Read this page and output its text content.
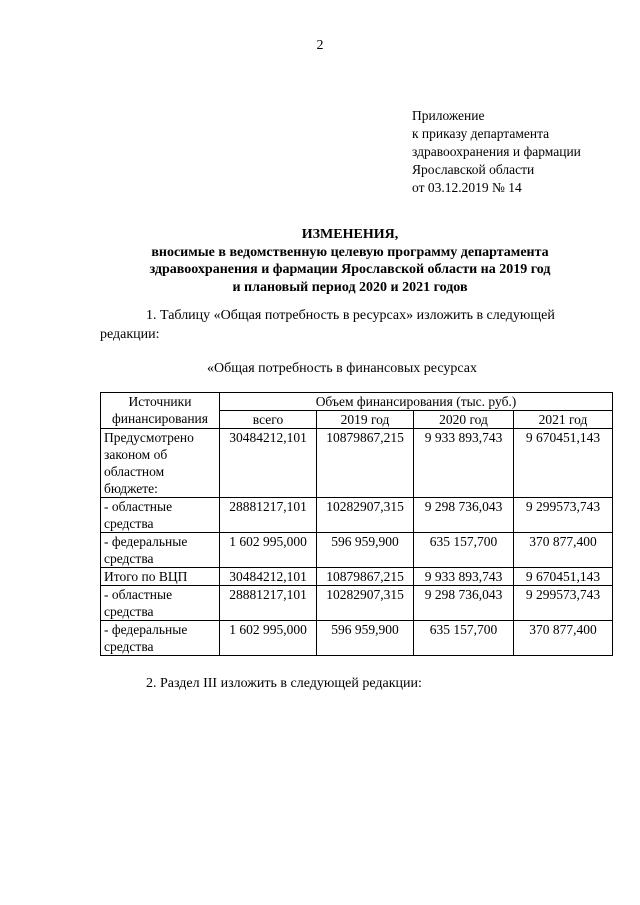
2
Приложение
к приказу департамента
здравоохранения и фармации
Ярославской области
от 03.12.2019 № 14
ИЗМЕНЕНИЯ,
вносимые в ведомственную целевую программу департамента
здравоохранения и фармации Ярославской области на 2019 год
и плановый период 2020 и 2021 годов
1. Таблицу «Общая потребность в ресурсах» изложить в следующей
редакции:
«Общая потребность в финансовых ресурсах
Источники
финансирования	Объем финансирования (тыс. руб.)			
	всего	2019 год	2020 год	2021 год
Предусмотрено законом об областном бюджете:	30484212,101	10879867,215	9 933 893,743	9 670451,143
- областные средства	28881217,101	10282907,315	9 298 736,043	9 299573,743
- федеральные средства	1 602 995,000	596 959,900	635 157,700	370 877,400
Итого по ВЦП	30484212,101	10879867,215	9 933 893,743	9 670451,143
- областные средства	28881217,101	10282907,315	9 298 736,043	9 299573,743
- федеральные средства	1 602 995,000	596 959,900	635 157,700	370 877,400
2. Раздел III изложить в следующей редакции:
